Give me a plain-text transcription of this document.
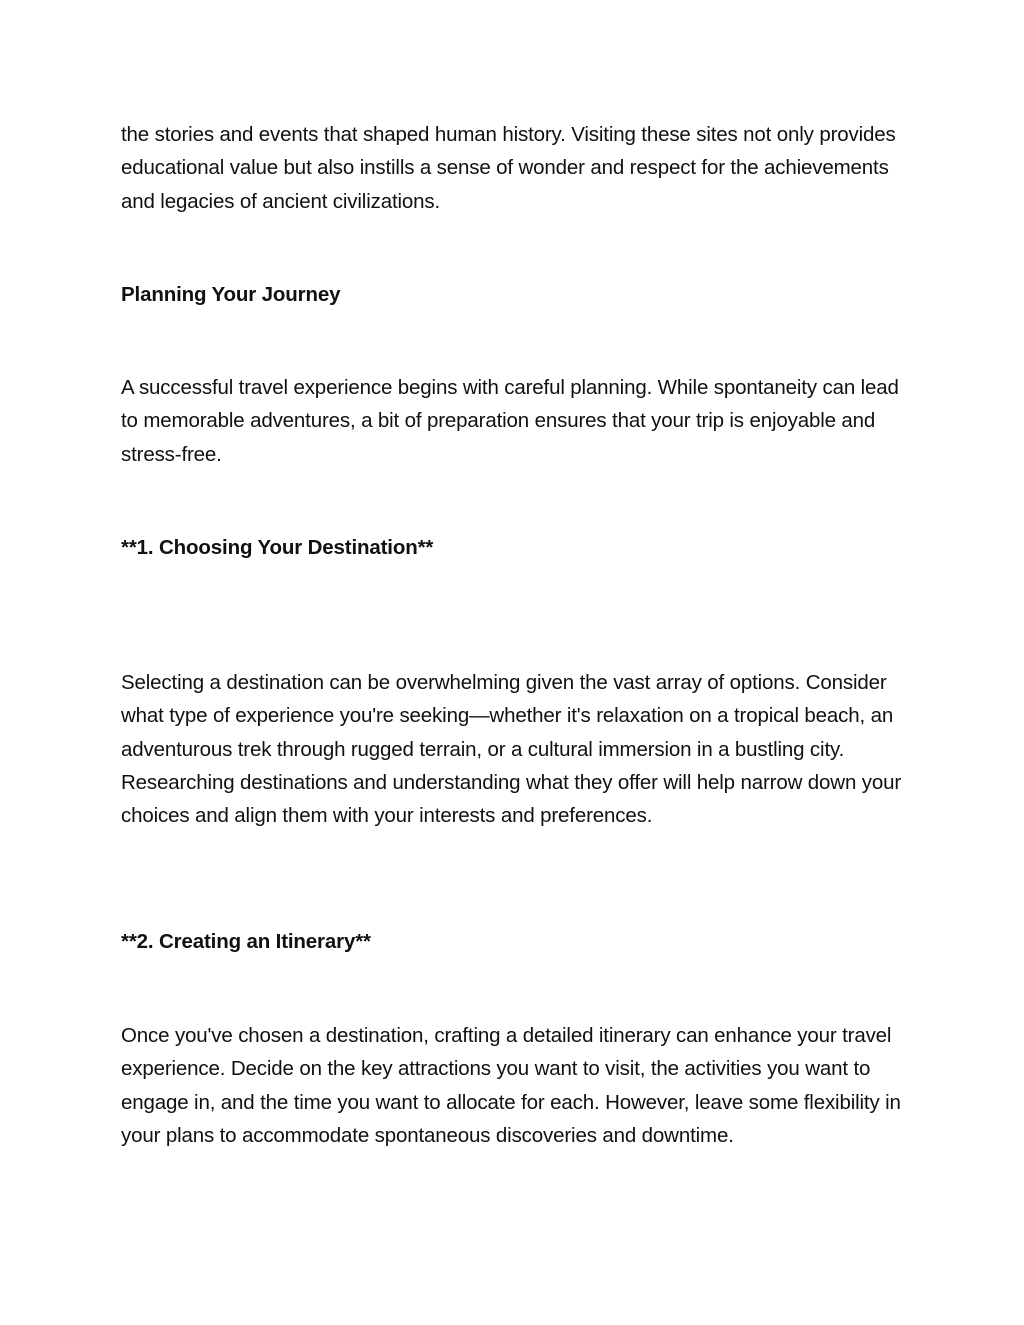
the stories and events that shaped human history. Visiting these sites not only provides educational value but also instills a sense of wonder and respect for the achievements and legacies of ancient civilizations.

Planning Your Journey

A successful travel experience begins with careful planning. While spontaneity can lead to memorable adventures, a bit of preparation ensures that your trip is enjoyable and stress-free.

**1. Choosing Your Destination**

Selecting a destination can be overwhelming given the vast array of options. Consider what type of experience you're seeking—whether it's relaxation on a tropical beach, an adventurous trek through rugged terrain, or a cultural immersion in a bustling city. Researching destinations and understanding what they offer will help narrow down your choices and align them with your interests and preferences.

**2. Creating an Itinerary**

Once you've chosen a destination, crafting a detailed itinerary can enhance your travel experience. Decide on the key attractions you want to visit, the activities you want to engage in, and the time you want to allocate for each. However, leave some flexibility in your plans to accommodate spontaneous discoveries and downtime.
